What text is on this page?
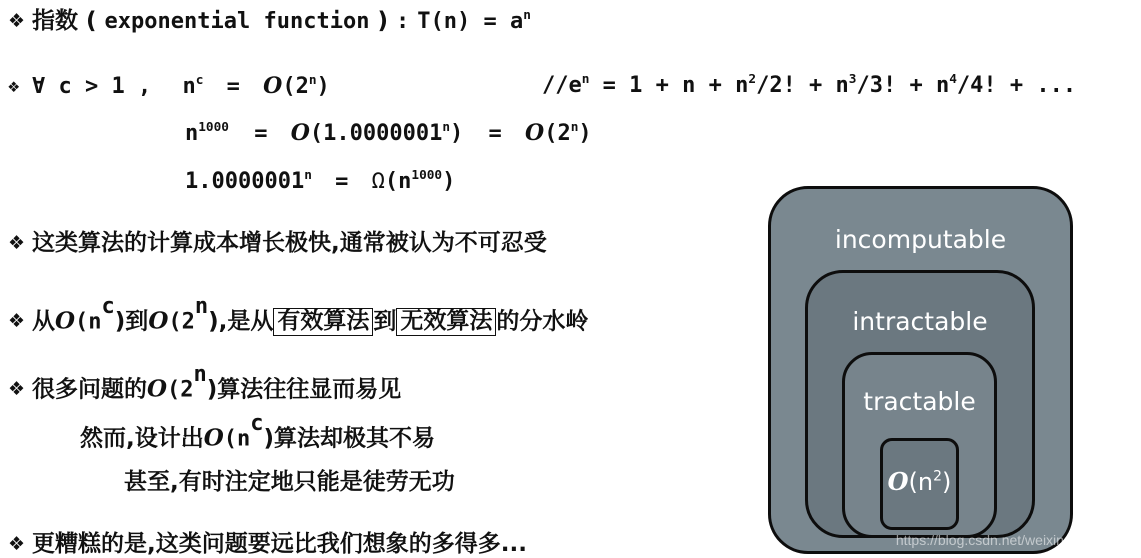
❖ 指数 ( exponential function ) : $T(n) = a^n$
❖ ∀ c > 1 , $n^c = O(2^n)$	$//e^n = 1 + n + n^2/2$! + $n^3/3$! + $n^4/4$! + ...
$n^{1000} = O(1.0000001^n) = O(2^n)$
$1.0000001^n = \Omega(n^{1000})$
❖ 这类算法的计算成本增长极快,通常被认为不可忍受
❖ 从$O(n^c)$到O(2$^n$),是从 有效算法 到 无效算法 的分水岭
❖ 很多问题的O(2$^n$)算法往往显而易见
然而,设计出$O(n^c)$算法却极其不易
甚至,有时注定地只能是徒劳无功
❖ 更糟糕的是,这类问题要远比我们想象的多得多...
incomputable
intractable
tractable
$O(n^2)$
https://blog.csdn.net/weixin_42311712
